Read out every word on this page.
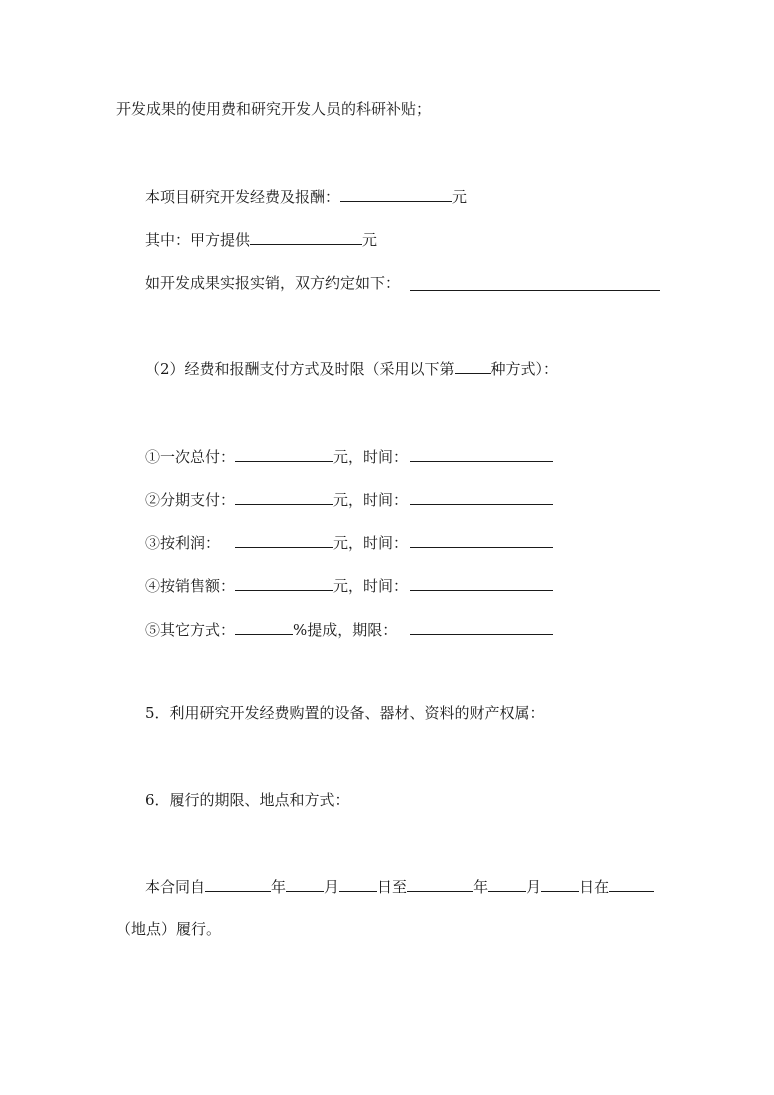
开发成果的使用费和研究开发人员的科研补贴；
本项目研究开发经费及报酬：	元
其中：甲方提供	元
如开发成果实报实销，双方约定如下：
（2）经费和报酬支付方式及时限（采用以下第 种方式）：
①一次总付：	元，时间：
②分期支付：	元，时间：
③按利润：	元，时间：
④按销售额：	元，时间：
⑤其它方式：	%提成，期限：
5．利用研究开发经费购置的设备、器材、资料的财产权属：
6．履行的期限、地点和方式：
本合同自	年	月	日至	年	月	日在
（地点）履行。
